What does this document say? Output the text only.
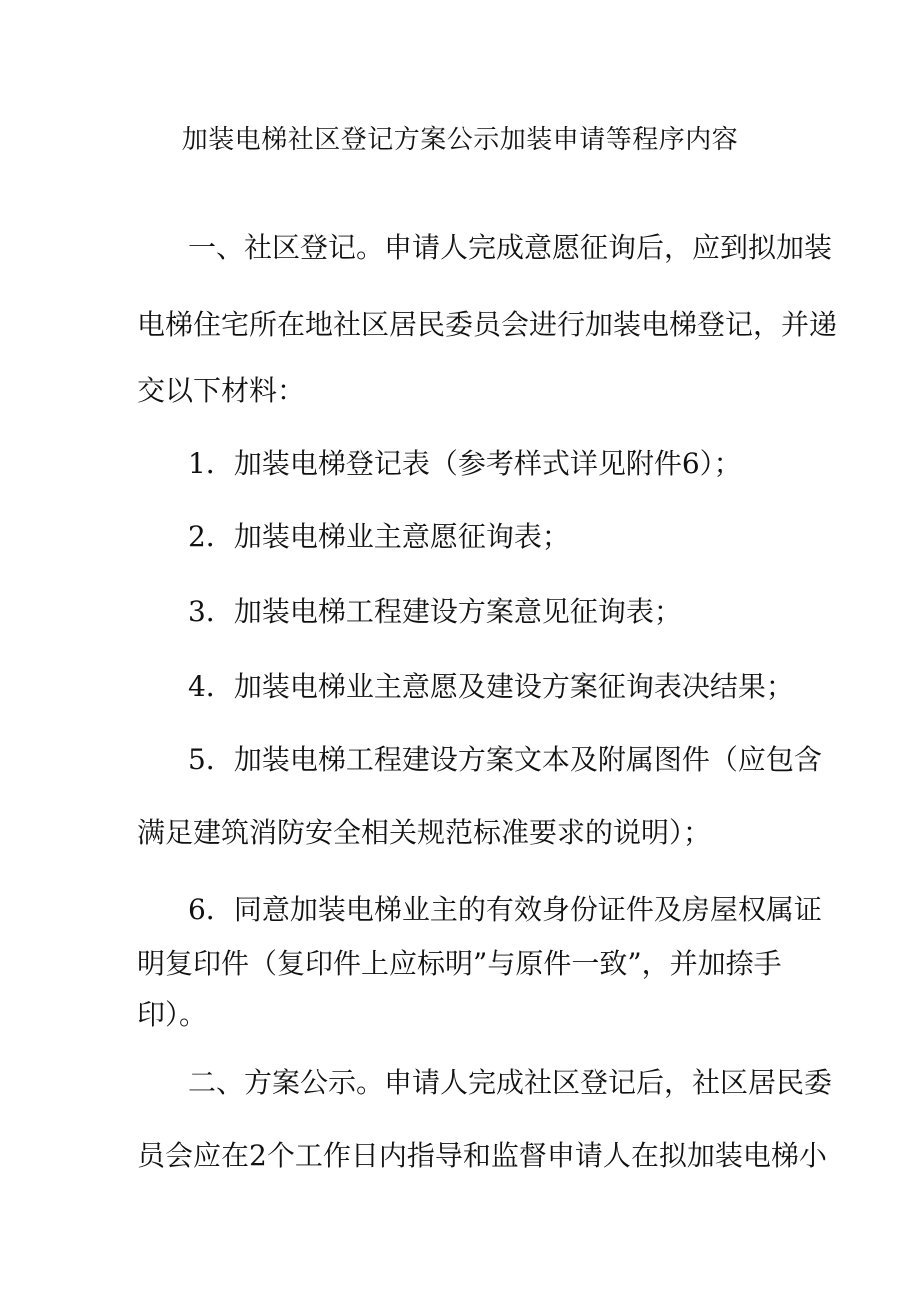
加装电梯社区登记方案公示加装申请等程序内容
一、社区登记。申请人完成意愿征询后，应到拟加装
电梯住宅所在地社区居民委员会进行加装电梯登记，并递
交以下材料：
1．加装电梯登记表（参考样式详见附件6）；
2．加装电梯业主意愿征询表；
3．加装电梯工程建设方案意见征询表；
4．加装电梯业主意愿及建设方案征询表决结果；
5．加装电梯工程建设方案文本及附属图件（应包含
满足建筑消防安全相关规范标准要求的说明）；
6．同意加装电梯业主的有效身份证件及房屋权属证
明复印件（复印件上应标明”与原件一致”，并加捺手
印）。
二、方案公示。申请人完成社区登记后，社区居民委
员会应在2个工作日内指导和监督申请人在拟加装电梯小
